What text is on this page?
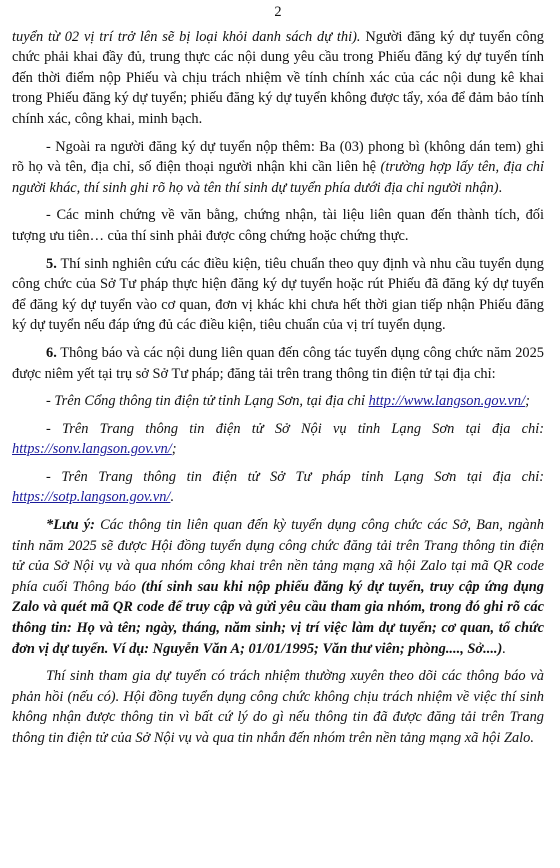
2

tuyển từ 02 vị trí trở lên sẽ bị loại khỏi danh sách dự thi). Người đăng ký dự tuyển công chức phải khai đầy đủ, trung thực các nội dung yêu cầu trong Phiếu đăng ký dự tuyển tính đến thời điểm nộp Phiếu và chịu trách nhiệm về tính chính xác của các nội dung kê khai trong Phiếu đăng ký dự tuyển; phiếu đăng ký dự tuyển không được tẩy, xóa để đảm bảo tính chính xác, công khai, minh bạch.

- Ngoài ra người đăng ký dự tuyển nộp thêm: Ba (03) phong bì (không dán tem) ghi rõ họ và tên, địa chỉ, số điện thoại người nhận khi cần liên hệ (trường hợp lấy tên, địa chỉ người khác, thí sinh ghi rõ họ và tên thí sinh dự tuyển phía dưới địa chỉ người nhận).

- Các minh chứng về văn bằng, chứng nhận, tài liệu liên quan đến thành tích, đối tượng ưu tiên… của thí sinh phải được công chứng hoặc chứng thực.

5. Thí sinh nghiên cứu các điều kiện, tiêu chuẩn theo quy định và nhu cầu tuyển dụng công chức của Sở Tư pháp thực hiện đăng ký dự tuyển hoặc rút Phiếu đã đăng ký dự tuyển để đăng ký dự tuyển vào cơ quan, đơn vị khác khi chưa hết thời gian tiếp nhận Phiếu đăng ký dự tuyển nếu đáp ứng đủ các điều kiện, tiêu chuẩn của vị trí tuyển dụng.

6. Thông báo và các nội dung liên quan đến công tác tuyển dụng công chức năm 2025 được niêm yết tại trụ sở Sở Tư pháp; đăng tải trên trang thông tin điện tử tại địa chỉ:

- Trên Cổng thông tin điện tử tỉnh Lạng Sơn, tại địa chỉ http://www.langson.gov.vn/;

- Trên Trang thông tin điện tử Sở Nội vụ tỉnh Lạng Sơn tại địa chỉ: https://sonv.langson.gov.vn/;

- Trên Trang thông tin điện tử Sở Tư pháp tỉnh Lạng Sơn tại địa chỉ: https://sotp.langson.gov.vn/.

*Lưu ý: Các thông tin liên quan đến kỳ tuyển dụng công chức các Sở, Ban, ngành tỉnh năm 2025 sẽ được Hội đồng tuyển dụng công chức đăng tải trên Trang thông tin điện tử của Sở Nội vụ và qua nhóm công khai trên nền tảng mạng xã hội Zalo tại mã QR code phía cuối Thông báo (thí sinh sau khi nộp phiếu đăng ký dự tuyển, truy cập ứng dụng Zalo và quét mã QR code để truy cập và gửi yêu cầu tham gia nhóm, trong đó ghi rõ các thông tin: Họ và tên; ngày, tháng, năm sinh; vị trí việc làm dự tuyển; cơ quan, tổ chức đơn vị dự tuyển. Ví dụ: Nguyễn Văn A; 01/01/1995; Văn thư viên; phòng...., Sở....).

Thí sinh tham gia dự tuyển có trách nhiệm thường xuyên theo dõi các thông báo và phản hồi (nếu có). Hội đồng tuyển dụng công chức không chịu trách nhiệm về việc thí sinh không nhận được thông tin vì bất cứ lý do gì nếu thông tin đã được đăng tải trên Trang thông tin điện tử của Sở Nội vụ và qua tin nhắn đến nhóm trên nền tảng mạng xã hội Zalo.
